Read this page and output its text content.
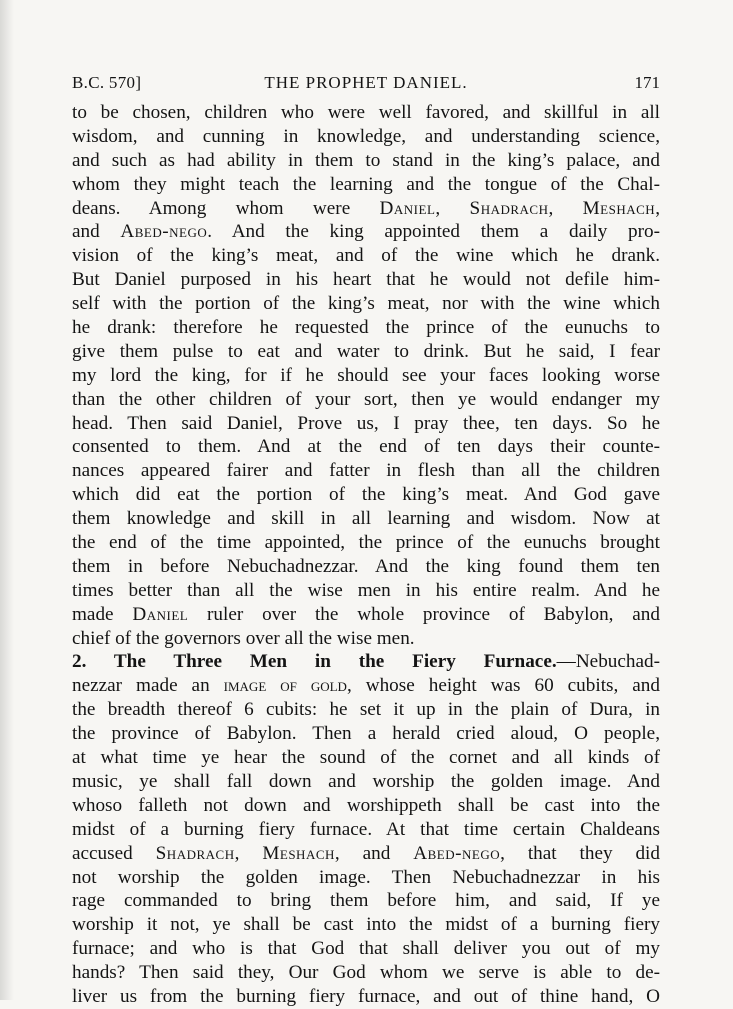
B.C. 570]	THE PROPHET DANIEL.	171
to be chosen, children who were well favored, and skillful in all
wisdom, and cunning in knowledge, and understanding science,
and such as had ability in them to stand in the king’s palace, and
whom they might teach the learning and the tongue of the Chal-
deans. Among whom were Daniel, Shadrach, Meshach,
and Abed-nego. And the king appointed them a daily pro-
vision of the king’s meat, and of the wine which he drank.
But Daniel purposed in his heart that he would not defile him-
self with the portion of the king’s meat, nor with the wine which
he drank: therefore he requested the prince of the eunuchs to
give them pulse to eat and water to drink. But he said, I fear
my lord the king, for if he should see your faces looking worse
than the other children of your sort, then ye would endanger my
head. Then said Daniel, Prove us, I pray thee, ten days. So he
consented to them. And at the end of ten days their counte-
nances appeared fairer and fatter in flesh than all the children
which did eat the portion of the king’s meat. And God gave
them knowledge and skill in all learning and wisdom. Now at
the end of the time appointed, the prince of the eunuchs brought
them in before Nebuchadnezzar. And the king found them ten
times better than all the wise men in his entire realm. And he
made Daniel ruler over the whole province of Babylon, and
chief of the governors over all the wise men.
2. The Three Men in the Fiery Furnace.—Nebuchad-
nezzar made an image of gold, whose height was 60 cubits, and
the breadth thereof 6 cubits: he set it up in the plain of Dura, in
the province of Babylon. Then a herald cried aloud, O people,
at what time ye hear the sound of the cornet and all kinds of
music, ye shall fall down and worship the golden image. And
whoso falleth not down and worshippeth shall be cast into the
midst of a burning fiery furnace. At that time certain Chaldeans
accused Shadrach, Meshach, and Abed-nego, that they did
not worship the golden image. Then Nebuchadnezzar in his
rage commanded to bring them before him, and said, If ye
worship it not, ye shall be cast into the midst of a burning fiery
furnace; and who is that God that shall deliver you out of my
hands? Then said they, Our God whom we serve is able to de-
liver us from the burning fiery furnace, and out of thine hand, O
